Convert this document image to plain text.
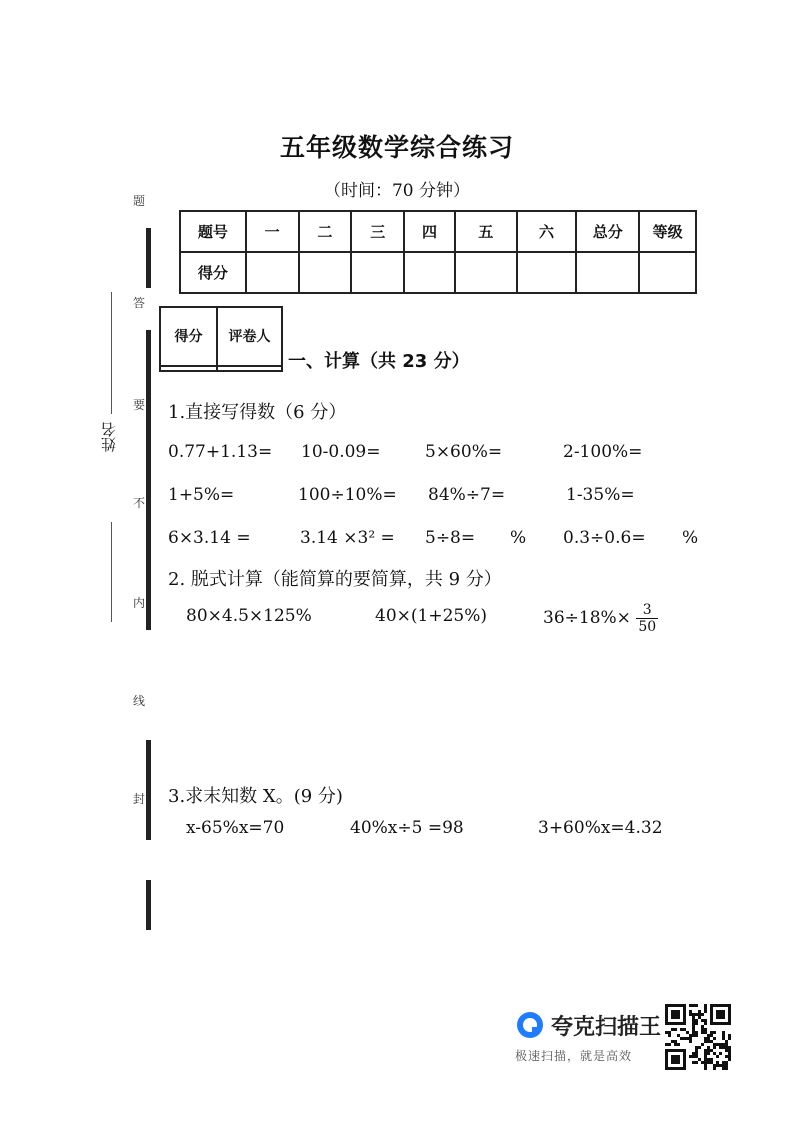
姓名
题
答
要
不
内
线
封
五年级数学综合练习
（时间：70 分钟）
题号	一	二	三	四	五	六	总分	等级
得分								
得分	评卷人

一、计算（共 23 分）
1.直接写得数（6 分）
0.77+1.13= 10-0.09=	5×60%=	2-100%=
1+5%=	100÷10%= 84%÷7=	1-35%=
6×3.14 =	3.14 ×3² = 5÷8= % 0.3÷0.6= %
2. 脱式计算（能简算的要简算，共 9 分）
80×4.5×125%	40×(1+25%)	$36\div 18\%\times \frac{3}{50}$
3.求末知数 X。(9 分)
x-65%x=70	40%x÷5 =98	3+60%x=4.32
夸克扫描王
极速扫描，就是高效
